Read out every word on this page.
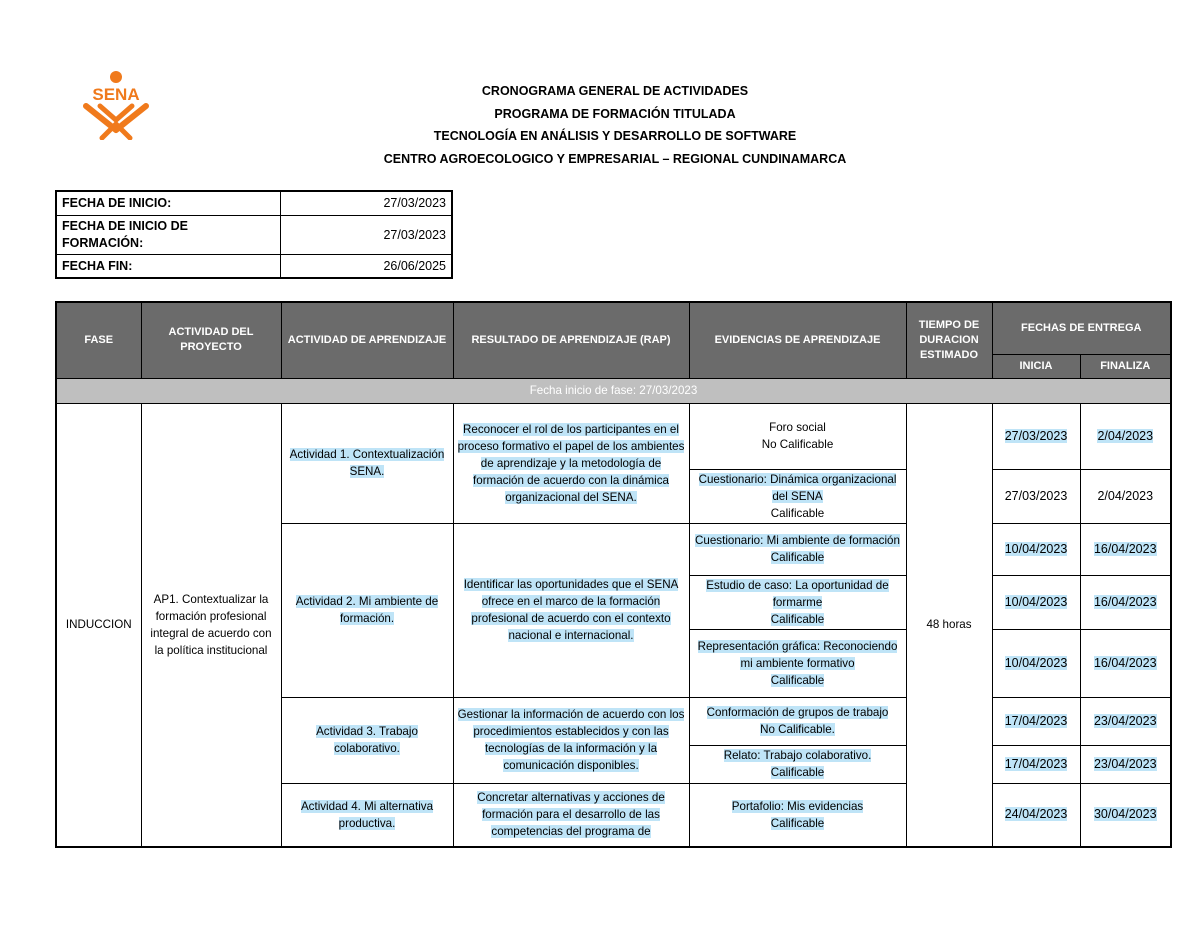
SENA	CRONOGRAMA GENERAL DE ACTIVIDADES
PROGRAMA DE FORMACIÓN TITULADA
TECNOLOGÍA EN ANÁLISIS Y DESARROLLO DE SOFTWARE
CENTRO AGROECOLOGICO Y EMPRESARIAL – REGIONAL CUNDINAMARCA
FECHA DE INICIO:	27/03/2023
FECHA DE INICIO DE
FORMACIÓN:	27/03/2023
FECHA FIN:	26/06/2025
FASE	ACTIVIDAD DEL PROYECTO	ACTIVIDAD DE APRENDIZAJE	RESULTADO DE APRENDIZAJE (RAP)	EVIDENCIAS DE APRENDIZAJE	TIEMPO DE DURACION ESTIMADO	FECHAS DE ENTREGA	
						INICIA	FINALIZA
Fecha inicio de fase: 27/03/2023							
INDUCCION	AP1. Contextualizar la formación profesional integral de acuerdo con la política institucional	Actividad 1. Contextualización SENA.	Reconocer el rol de los participantes en el proceso formativo el papel de los ambientes de aprendizaje y la metodología de formación de acuerdo con la dinámica organizacional del SENA.	Foro social
No Calificable	48 horas	27/03/2023	2/04/2023
				Cuestionario: Dinámica organizacional del SENA
Calificable		27/03/2023	2/04/2023
		Actividad 2. Mi ambiente de formación.	Identificar las oportunidades que el SENA ofrece en el marco de la formación profesional de acuerdo con el contexto nacional e internacional.	Cuestionario: Mi ambiente de formación
Calificable		10/04/2023	16/04/2023
				Estudio de caso: La oportunidad de formarme
Calificable		10/04/2023	16/04/2023
				Representación gráfica: Reconociendo mi ambiente formativo
Calificable		10/04/2023	16/04/2023
		Actividad 3. Trabajo colaborativo.	Gestionar la información de acuerdo con los procedimientos establecidos y con las tecnologías de la información y la comunicación disponibles.	Conformación de grupos de trabajo
No Calificable.		17/04/2023	23/04/2023
				Relato: Trabajo colaborativo.
Calificable		17/04/2023	23/04/2023
		Actividad 4. Mi alternativa productiva.	Concretar alternativas y acciones de formación para el desarrollo de las competencias del programa de	Portafolio: Mis evidencias
Calificable		24/04/2023	30/04/2023
